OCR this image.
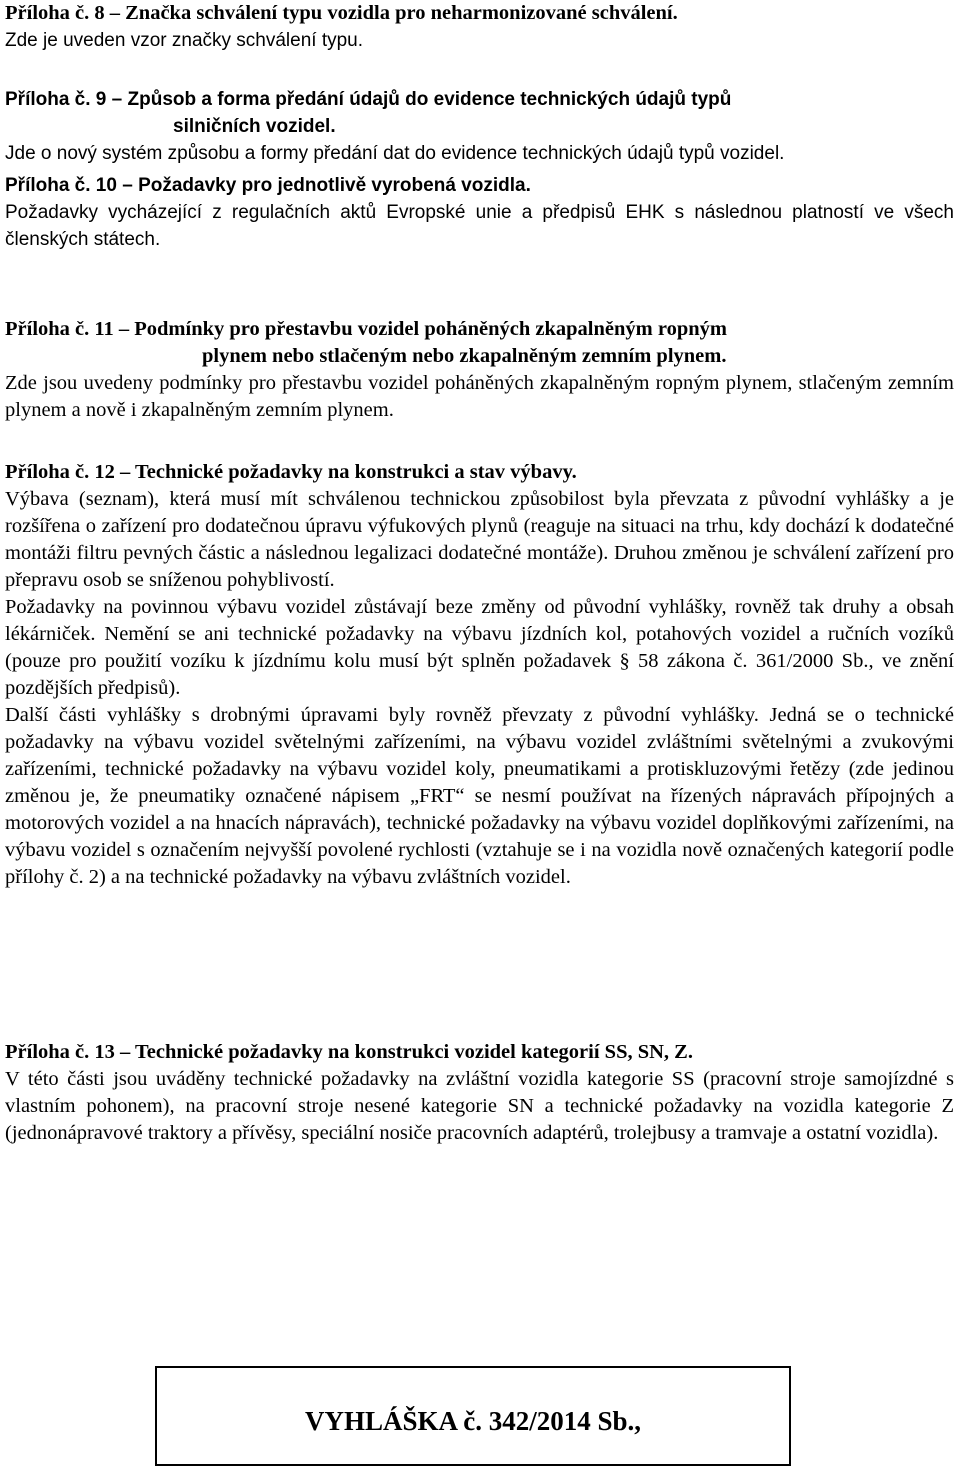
Příloha č. 8 – Značka schválení typu vozidla pro neharmonizované schválení.

Zde je uveden vzor značky schválení typu.

Příloha č. 9 – Způsob a forma předání údajů do evidence technických údajů typů

silničních vozidel.

Jde o nový systém způsobu a formy předání dat do evidence technických údajů typů vozidel.

Příloha č. 10 – Požadavky pro jednotlivě vyrobená vozidla.

Požadavky vycházející z regulačních aktů Evropské unie a předpisů EHK s následnou platností ve všech členských státech.

Příloha č. 11 – Podmínky pro přestavbu vozidel poháněných zkapalněným ropným

plynem nebo stlačeným nebo zkapalněným zemním plynem.

Zde jsou uvedeny podmínky pro přestavbu vozidel poháněných zkapalněným ropným plynem, stlačeným zemním plynem a nově i zkapalněným zemním plynem.

Příloha č. 12 – Technické požadavky na konstrukci a stav výbavy.

Výbava (seznam), která musí mít schválenou technickou způsobilost byla převzata z původní vyhlášky a je rozšířena o zařízení pro dodatečnou úpravu výfukových plynů (reaguje na situaci na trhu, kdy dochází k dodatečné montáži filtru pevných částic a následnou legalizaci dodatečné montáže). Druhou změnou je schválení zařízení pro přepravu osob se sníženou pohyblivostí.

Požadavky na povinnou výbavu vozidel zůstávají beze změny od původní vyhlášky, rovněž tak druhy a obsah lékárniček. Nemění se ani technické požadavky na výbavu jízdních kol, potahových vozidel a ručních vozíků (pouze pro použití vozíku k jízdnímu kolu musí být splněn požadavek § 58 zákona č. 361/2000 Sb., ve znění pozdějších předpisů).

Další části vyhlášky s drobnými úpravami byly rovněž převzaty z původní vyhlášky. Jedná se o technické požadavky na výbavu vozidel světelnými zařízeními, na výbavu vozidel zvláštními světelnými a zvukovými zařízeními, technické požadavky na výbavu vozidel koly, pneumatikami a protiskluzovými řetězy (zde jedinou změnou je, že pneumatiky označené nápisem „FRT“ se nesmí používat na řízených nápravách přípojných a motorových vozidel a na hnacích nápravách), technické požadavky na výbavu vozidel doplňkovými zařízeními, na výbavu vozidel s označením nejvyšší povolené rychlosti (vztahuje se i na vozidla nově označených kategorií podle přílohy č. 2) a na technické požadavky na výbavu zvláštních vozidel.

Příloha č. 13 – Technické požadavky na konstrukci vozidel kategorií SS, SN, Z.

V této části jsou uváděny technické požadavky na zvláštní vozidla kategorie SS (pracovní stroje samojízdné s vlastním pohonem), na pracovní stroje nesené kategorie SN a technické požadavky na vozidla kategorie Z (jednonápravové traktory a přívěsy, speciální nosiče pracovních adaptérů, trolejbusy a tramvaje a ostatní vozidla).

VYHLÁŠKA č. 342/2014 Sb.,
